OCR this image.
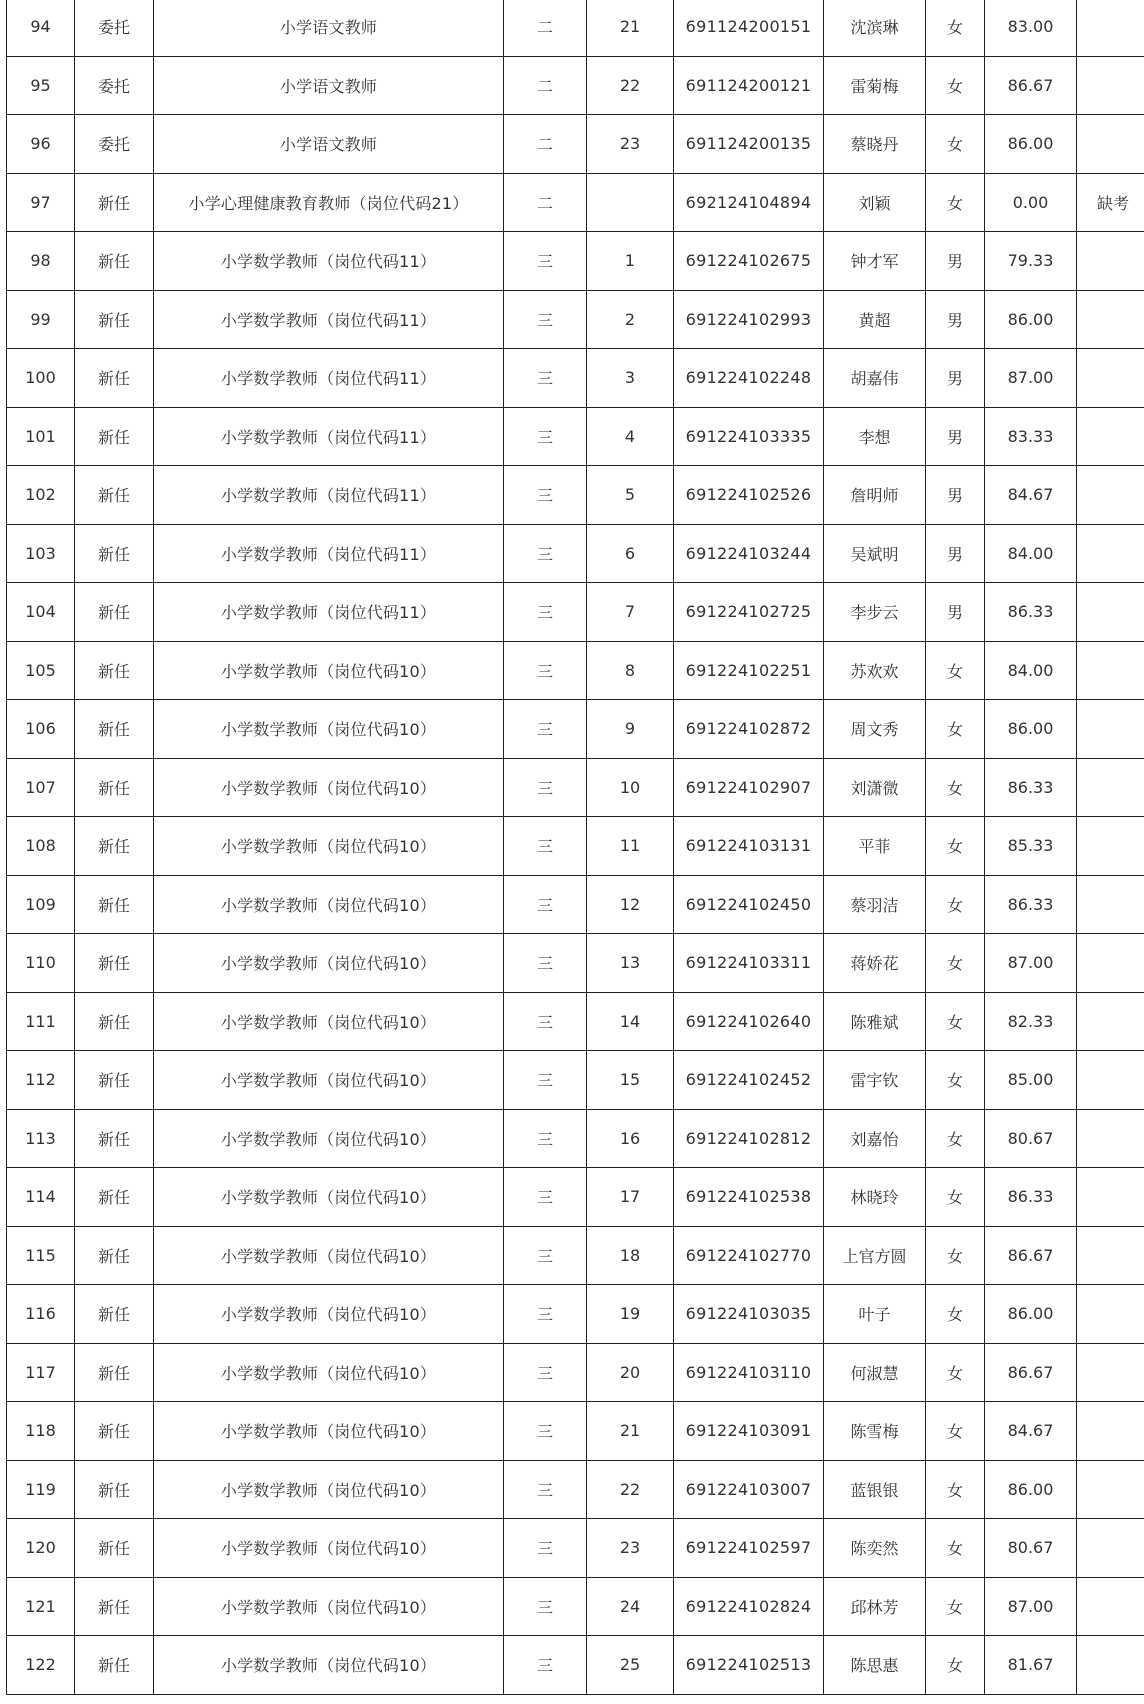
94	委托	小学语文教师	二	21	691124200151	沈滨琳	女	83.00	
95	委托	小学语文教师	二	22	691124200121	雷菊梅	女	86.67	
96	委托	小学语文教师	二	23	691124200135	蔡晓丹	女	86.00	
97	新任	小学心理健康教育教师（岗位代码21）	二		692124104894	刘颖	女	0.00	缺考
98	新任	小学数学教师（岗位代码11）	三	1	691224102675	钟才军	男	79.33	
99	新任	小学数学教师（岗位代码11）	三	2	691224102993	黄超	男	86.00	
100	新任	小学数学教师（岗位代码11）	三	3	691224102248	胡嘉伟	男	87.00	
101	新任	小学数学教师（岗位代码11）	三	4	691224103335	李想	男	83.33	
102	新任	小学数学教师（岗位代码11）	三	5	691224102526	詹明师	男	84.67	
103	新任	小学数学教师（岗位代码11）	三	6	691224103244	吴斌明	男	84.00	
104	新任	小学数学教师（岗位代码11）	三	7	691224102725	李步云	男	86.33	
105	新任	小学数学教师（岗位代码10）	三	8	691224102251	苏欢欢	女	84.00	
106	新任	小学数学教师（岗位代码10）	三	9	691224102872	周文秀	女	86.00	
107	新任	小学数学教师（岗位代码10）	三	10	691224102907	刘潇微	女	86.33	
108	新任	小学数学教师（岗位代码10）	三	11	691224103131	平菲	女	85.33	
109	新任	小学数学教师（岗位代码10）	三	12	691224102450	蔡羽洁	女	86.33	
110	新任	小学数学教师（岗位代码10）	三	13	691224103311	蒋娇花	女	87.00	
111	新任	小学数学教师（岗位代码10）	三	14	691224102640	陈雅斌	女	82.33	
112	新任	小学数学教师（岗位代码10）	三	15	691224102452	雷宇钦	女	85.00	
113	新任	小学数学教师（岗位代码10）	三	16	691224102812	刘嘉怡	女	80.67	
114	新任	小学数学教师（岗位代码10）	三	17	691224102538	林晓玲	女	86.33	
115	新任	小学数学教师（岗位代码10）	三	18	691224102770	上官方圆	女	86.67	
116	新任	小学数学教师（岗位代码10）	三	19	691224103035	叶子	女	86.00	
117	新任	小学数学教师（岗位代码10）	三	20	691224103110	何淑慧	女	86.67	
118	新任	小学数学教师（岗位代码10）	三	21	691224103091	陈雪梅	女	84.67	
119	新任	小学数学教师（岗位代码10）	三	22	691224103007	蓝银银	女	86.00	
120	新任	小学数学教师（岗位代码10）	三	23	691224102597	陈奕然	女	80.67	
121	新任	小学数学教师（岗位代码10）	三	24	691224102824	邱林芳	女	87.00	
122	新任	小学数学教师（岗位代码10）	三	25	691224102513	陈思惠	女	81.67	
